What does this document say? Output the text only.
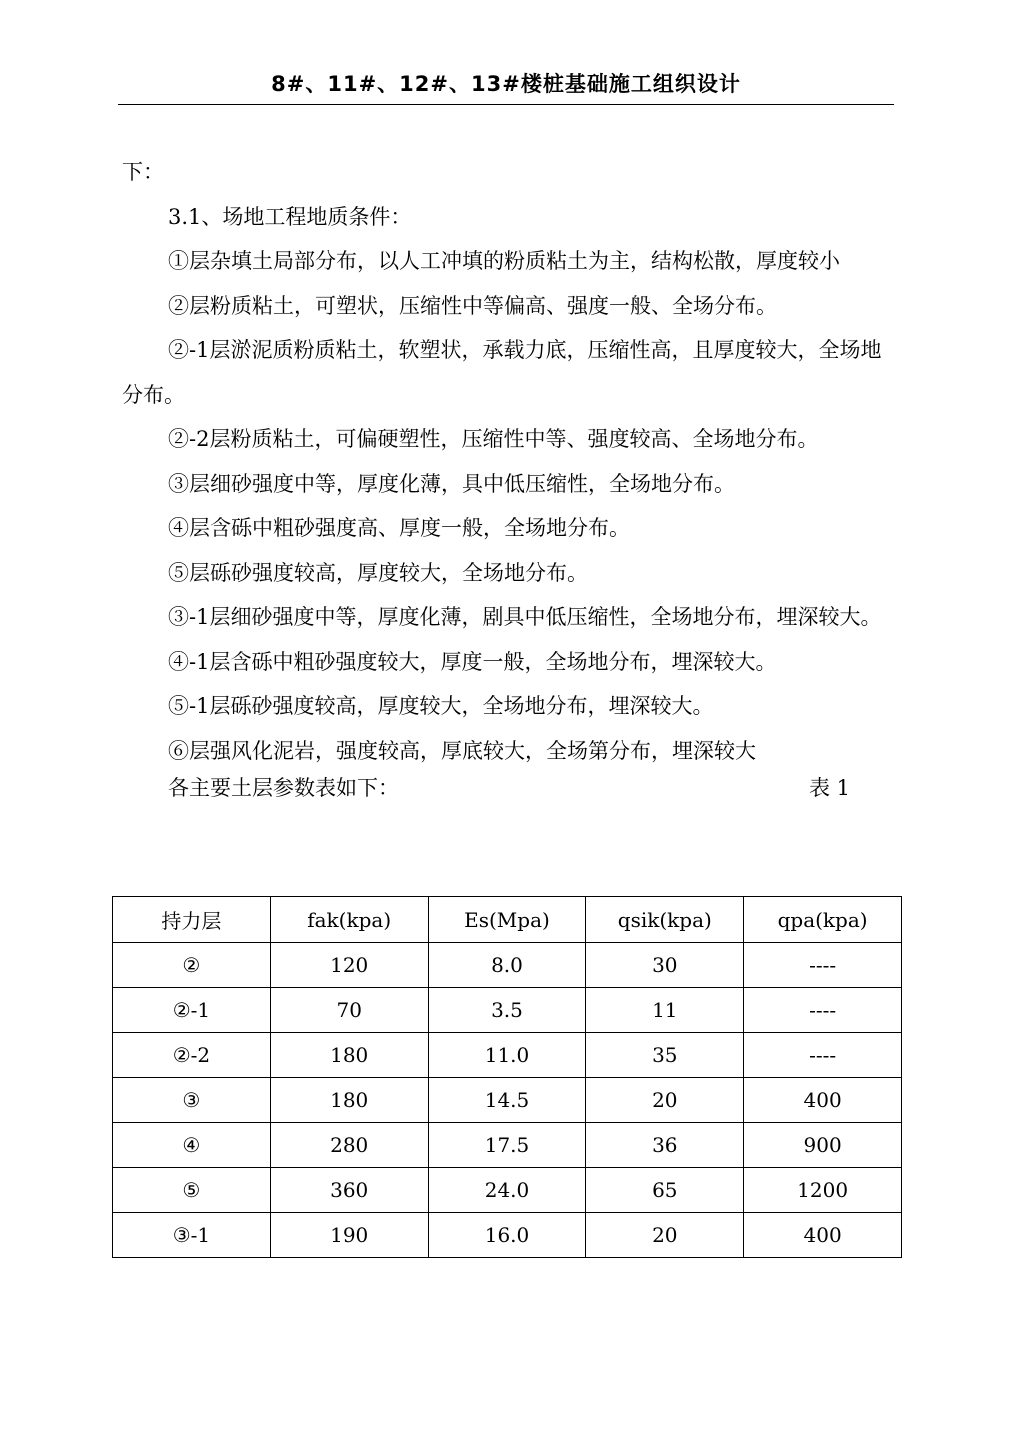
8#、11#、12#、13#楼桩基础施工组织设计

下：

3.1、场地工程地质条件：

①层杂填土局部分布，以人工冲填的粉质粘土为主，结构松散，厚度较小

②层粉质粘土，可塑状，压缩性中等偏高、强度一般、全场分布。

②-1层淤泥质粉质粘土，软塑状，承载力底，压缩性高，且厚度较大，全场地分布。

②-2层粉质粘土，可偏硬塑性，压缩性中等、强度较高、全场地分布。

③层细砂强度中等，厚度化薄，具中低压缩性，全场地分布。

④层含砾中粗砂强度高、厚度一般，全场地分布。

⑤层砾砂强度较高，厚度较大，全场地分布。

③-1层细砂强度中等，厚度化薄，剧具中低压缩性，全场地分布，埋深较大。

④-1层含砾中粗砂强度较大，厚度一般，全场地分布，埋深较大。

⑤-1层砾砂强度较高，厚度较大，全场地分布，埋深较大。

⑥层强风化泥岩，强度较高，厚底较大，全场第分布，埋深较大

各主要土层参数表如下：	表 1
持力层	fak(kpa)	Es(Mpa)	qsik(kpa)	qpa(kpa)
②	120	8.0	30	----
②-1	70	3.5	11	----
②-2	180	11.0	35	----
③	180	14.5	20	400
④	280	17.5	36	900
⑤	360	24.0	65	1200
③-1	190	16.0	20	400
